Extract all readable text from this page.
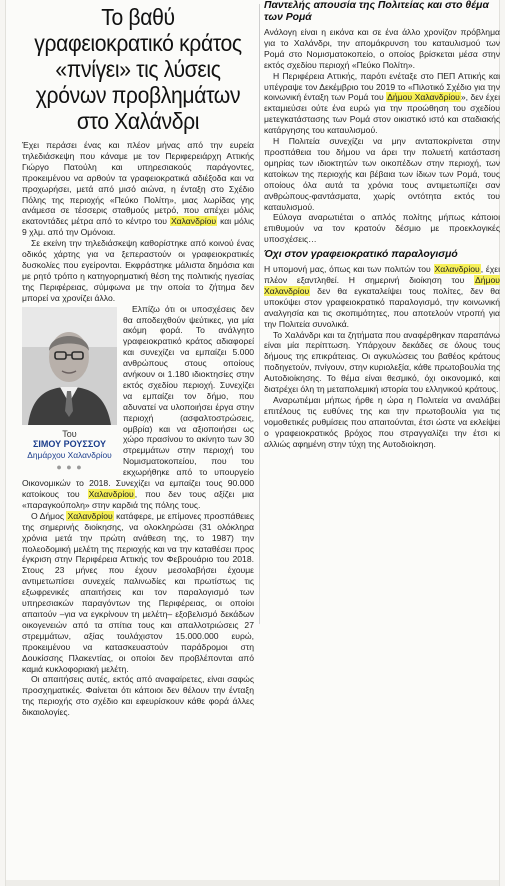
Το βαθύ γραφειοκρατικό κράτος «πνίγει» τις λύσεις χρόνων προβλημάτων στο Χαλάνδρι

Έχει περάσει ένας και πλέον μήνας από την ευρεία τηλεδιάσκεψη που κάναμε με τον Περιφερειάρχη Αττικής Γιώργο Πατούλη και υπηρεσιακούς παράγοντες, προκειμένου να αρθούν τα γραφειοκρατικά αδιέξοδα και να προχωρήσει, μετά από μισό αιώνα, η ένταξη στο Σχέδιο Πόλης της περιοχής «Πεύκο Πολίτη», μιας λωρίδας γης ανάμεσα σε τέσσερις σταθμούς μετρό, που απέχει μόλις εκατοντάδες μέτρα από το κέντρο του Χαλανδρίου και μόλις 9 χλμ. από την Ομόνοια.

Σε εκείνη την τηλεδιάσκεψη καθορίστηκε από κοινού ένας οδικός χάρτης για να ξεπεραστούν οι γραφειοκρατικές δυσκολίες που εγείρονται. Εκφράστηκε μάλιστα δημόσια και με ρητό τρόπο η κατηγορηματική θέση της πολιτικής ηγεσίας της Περιφέρειας, σύμφωνα με την οποία το ζήτημα δεν μπορεί να χρονίζει άλλο.

Του
ΣΙΜΟΥ ΡΟΥΣΣΟΥ
Δημάρχου Χαλανδρίου
● ● ●

Ελπίζω ότι οι υποσχέσεις δεν θα αποδειχθούν ψεύτικες, για μία ακόμη φορά. Το ανάλγητο γραφειοκρατικό κράτος αδιαφορεί και συνεχίζει να εμπαίζει 5.000 ανθρώπους στους οποίους ανήκουν οι 1.180 ιδιοκτησίες στην εκτός σχεδίου περιοχή. Συνεχίζει να εμπαίζει τον δήμο, που αδυνατεί να υλοποιήσει έργα στην περιοχή (ασφαλτοστρώσεις, ομβρία) και να αξιοποιήσει ως χώρο πρασίνου το ακίνητο των 30 στρεμμάτων στην περιοχή του Νομισματοκοπείου, που του εκχωρήθηκε από το υπουργείο Οικονομικών το 2018. Συνεχίζει να εμπαίζει τους 90.000 κατοίκους του Χαλανδρίου, που δεν τους αξίζει μια «παραγκούπολη» στην καρδιά της πόλης τους.

Ο Δήμος Χαλανδρίου κατάφερε, με επίμονες προσπάθειες της σημερινής διοίκησης, να ολοκληρώσει (31 ολόκληρα χρόνια μετά την πρώτη ανάθεση της, το 1987) την πολεοδομική μελέτη της περιοχής και να την καταθέσει προς έγκριση στην Περιφέρεια Αττικής τον Φεβρουάριο του 2018. Στους 23 μήνες που έχουν μεσολαβήσει έχουμε αντιμετωπίσει συνεχείς παλινωδίες και πρωτίστως τις εξωφρενικές απαιτήσεις και τον παραλογισμό των υπηρεσιακών παραγόντων της Περιφέρειας, οι οποίοι απαιτούν –για να εγκρίνουν τη μελέτη– εξοβελισμό δεκάδων οικογενειών από τα σπίτια τους και απαλλοτριώσεις 27 στρεμμάτων, αξίας τουλάχιστον 15.000.000 ευρώ, προκειμένου να κατασκευαστούν παράδρομοι στη Δουκίσσης Πλακεντίας, οι οποίοι δεν προβλέπονται από καμιά κυκλοφοριακή μελέτη.

Οι απαιτήσεις αυτές, εκτός από αναφαίρετες, είναι σαφώς προσχηματικές. Φαίνεται ότι κάποιοι δεν θέλουν την ένταξη της περιοχής στο σχέδιο και εφευρίσκουν κάθε φορά άλλες δικαιολογίες.

Παντελής απουσία της Πολιτείας και στο θέμα των Ρομά

Ανάλογη είναι η εικόνα και σε ένα άλλο χρονίζον πρόβλημα για το Χαλάνδρι, την απομάκρυνση του καταυλισμού των Ρομά στο Νομισματοκοπείο, ο οποίος βρίσκεται μέσα στην εκτός σχεδίου περιοχή «Πεύκο Πολίτη».

Η Περιφέρεια Αττικής, παρότι ενέταξε στο ΠΕΠ Αττικής και υπέγραψε τον Δεκέμβριο του 2019 το «Πιλοτικό Σχέδιο για την κοινωνική ένταξη των Ρομά του Δήμου Χαλανδρίου», δεν έχει εκταμιεύσει ούτε ένα ευρώ για την προώθηση του σχεδίου μετεγκατάστασης των Ρομά στον οικιστικό ιστό και σταδιακής κατάργησης του καταυλισμού.

Η Πολιτεία συνεχίζει να μην ανταποκρίνεται στην προσπάθεια του δήμου να άρει την πολυετή κατάσταση ομηρίας των ιδιοκτητών των οικοπέδων στην περιοχή, των κατοίκων της περιοχής και βέβαια των ίδιων των Ρομά, τους οποίους όλα αυτά τα χρόνια τους αντιμετωπίζει σαν ανθρώπους-φαντάσματα, χωρίς οντότητα εκτός του καταυλισμού.

Εύλογα αναρωτιέται ο απλός πολίτης μήπως κάποιοι επιθυμούν να τον κρατούν δέσμιο με προεκλογικές υποσχέσεις…

Όχι στον γραφειοκρατικό παραλογισμό

Η υπομονή μας, όπως και των πολιτών του Χαλανδρίου, έχει πλέον εξαντληθεί. Η σημερινή διοίκηση του Δήμου Χαλανδρίου δεν θα εγκαταλείψει τους πολίτες, δεν θα υποκύψει στον γραφειοκρατικό παραλογισμό, την κοινωνική αναλγησία και τις σκοπιμότητες, που αποτελούν ντροπή για την Πολιτεία συνολικά.

Το Χαλάνδρι και τα ζητήματα που αναφέρθηκαν παραπάνω είναι μία περίπτωση. Υπάρχουν δεκάδες σε όλους τους δήμους της επικράτειας. Οι αγκυλώσεις του βαθέος κράτους ποδηγετούν, πνίγουν, στην κυριολεξία, κάθε πρωτοβουλία της Αυτοδιοίκησης. Το θέμα είναι θεσμικό, όχι οικονομικό, και διατρέχει όλη τη μεταπολεμική ιστορία του ελληνικού κράτους.

Αναρωτιέμαι μήπως ήρθε η ώρα η Πολιτεία να αναλάβει επιτέλους τις ευθύνες της και την πρωτοβουλία για τις νομοθετικές ρυθμίσεις που απαιτούνται, έτσι ώστε να εκλείψει ο γραφειοκρατικός βρόχος που στραγγαλίζει την έτσι κι αλλιώς αφημένη στην τύχη της Αυτοδιοίκηση.
